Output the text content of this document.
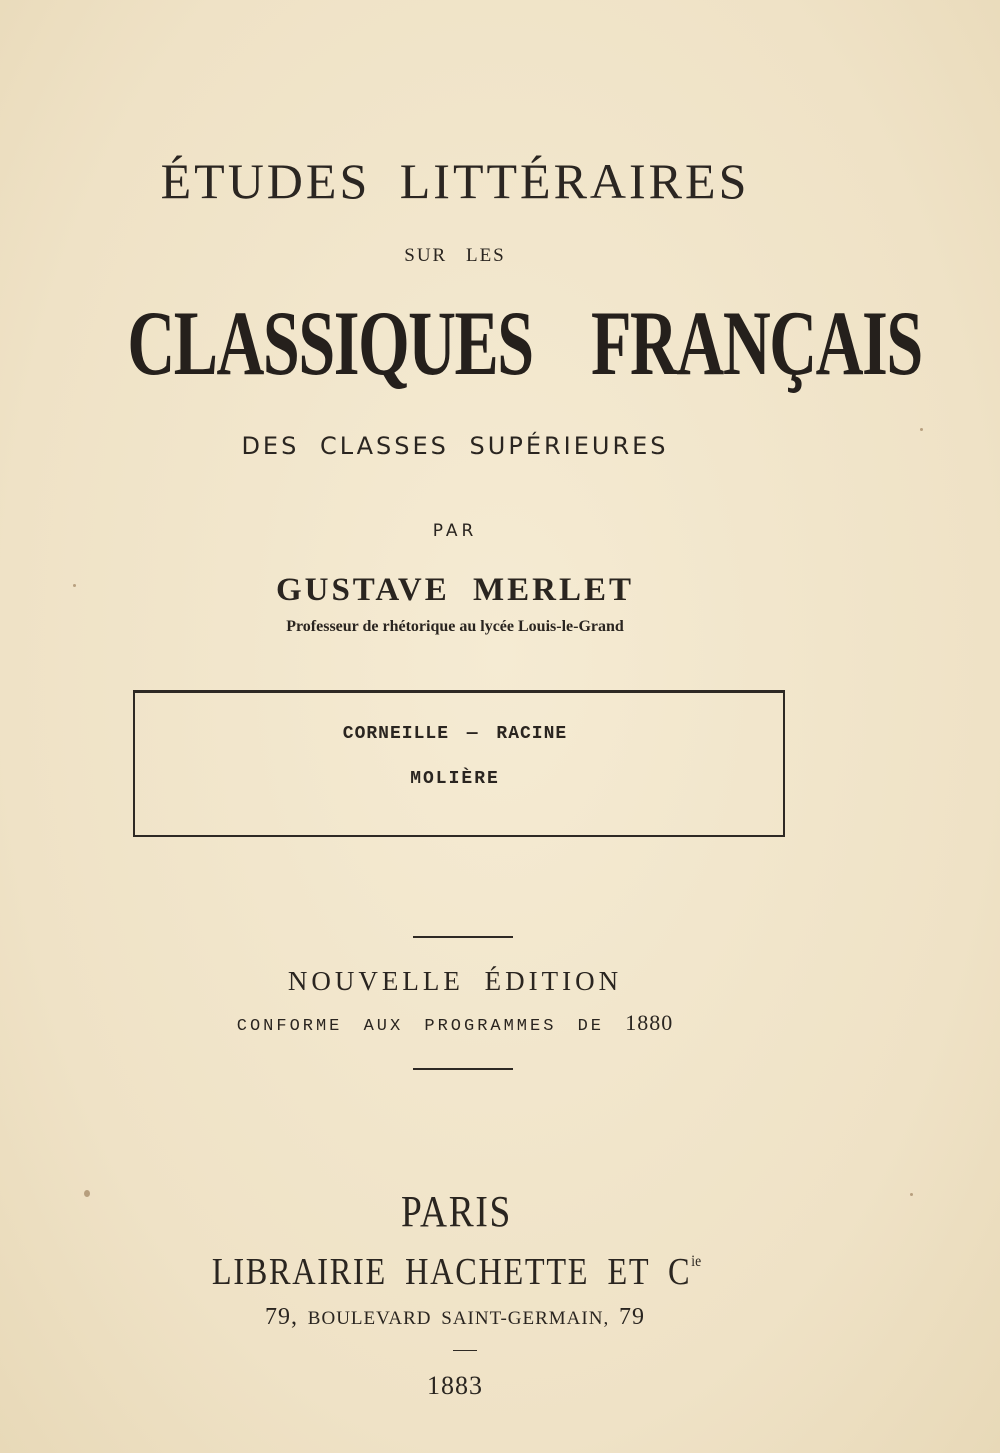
ÉTUDES LITTÉRAIRES
SUR LES
CLASSIQUES FRANÇAIS
DES CLASSES SUPÉRIEURES
PAR
GUSTAVE MERLET
Professeur de rhétorique au lycée Louis-le-Grand
CORNEILLE — RACINE
MOLIÈRE
NOUVELLE ÉDITION
CONFORME AUX PROGRAMMES DE 1880
PARIS
LIBRAIRIE HACHETTE ET $C^{ie}$
79, BOULEVARD SAINT-GERMAIN, 79
1883
